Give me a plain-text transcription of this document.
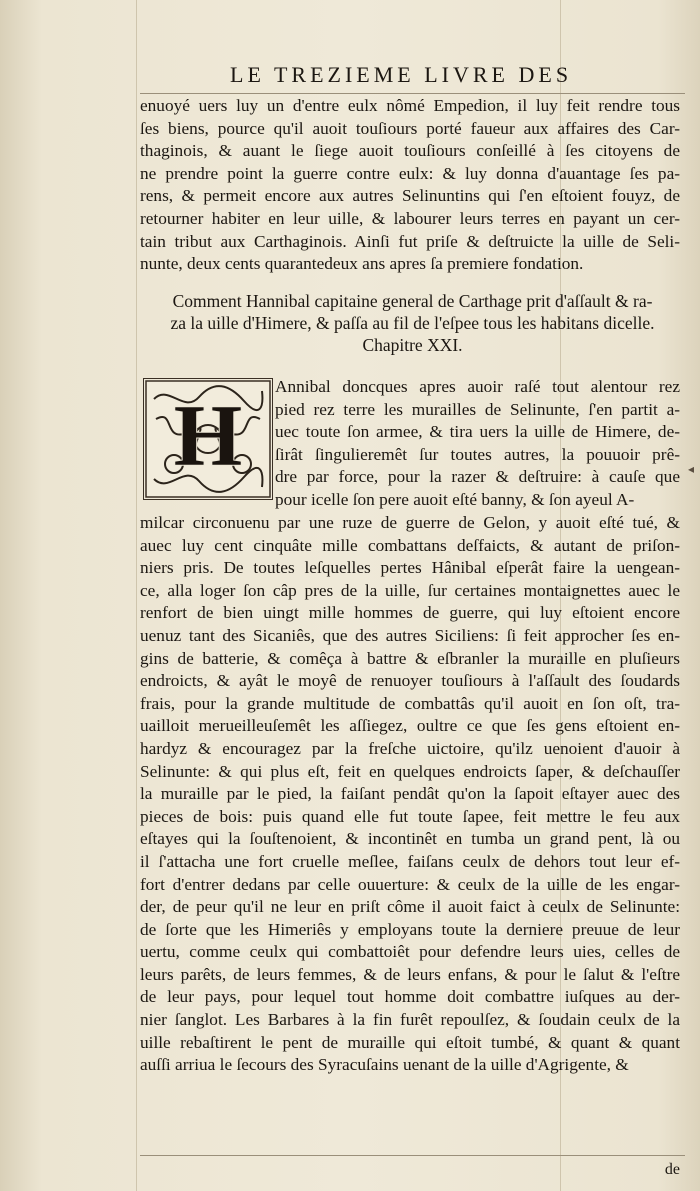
LE TREZIEME LIVRE DES
enuoyé uers luy un d'entre eulx nômé Empedion, il luy feit rendre tous
ſes biens, pource qu'il auoit touſiours porté faueur aux affaires des Car-
thaginois, & auant le ſiege auoit touſiours conſeillé à ſes citoyens de
ne prendre point la guerre contre eulx: & luy donna d'auantage ſes pa-
rens, & permeit encore aux autres Selinuntins qui ſ'en eſtoient fouyz, de
retourner habiter en leur uille, & labourer leurs terres en payant un cer-
tain tribut aux Carthaginois. Ainſi fut priſe & deſtruicte la uille de Seli-
nunte, deux cents quarantedeux ans apres ſa premiere fondation.
Comment Hannibal capitaine general de Carthage prit d'aſſault & ra-
za la uille d'Himere, & paſſa au fil de l'eſpee tous les habitans dicelle.
Chapitre XXI.
H
Annibal doncques apres auoir raſé tout alentour rez
pied rez terre les murailles de Selinunte, ſ'en partit a-
uec toute ſon armee, & tira uers la uille de Himere, de-
ſirât ſingulieremêt ſur toutes autres, la pouuoir prê-
dre par force, pour la razer & deſtruire: à cauſe que
pour icelle ſon pere auoit eſté banny, & ſon ayeul A-
milcar circonuenu par une ruze de guerre de Gelon, y auoit eſté tué, &
auec luy cent cinquâte mille combattans deſfaicts, & autant de priſon-
niers pris. De toutes leſquelles pertes Hânibal eſperât faire la uengean-
ce, alla loger ſon câp pres de la uille, ſur certaines montaignettes auec le
renfort de bien uingt mille hommes de guerre, qui luy eſtoient encore
uenuz tant des Sicaniês, que des autres Siciliens: ſi feit approcher ſes en-
gins de batterie, & comêça à battre & eſbranler la muraille en pluſieurs
endroicts, & ayât le moyê de renuoyer touſiours à l'aſſault des ſoudards
frais, pour la grande multitude de combattâs qu'il auoit en ſon oſt, tra-
uailloit merueilleuſemêt les aſſiegez, oultre ce que ſes gens eſtoient en-
hardyz & encouragez par la freſche uictoire, qu'ilz uenoient d'auoir à
Selinunte: & qui plus eſt, feit en quelques endroicts ſaper, & deſchauſſer
la muraille par le pied, la faiſant pendât qu'on la ſapoit eſtayer auec des
pieces de bois: puis quand elle fut toute ſapee, feit mettre le feu aux
eſtayes qui la ſouſtenoient, & incontinêt en tumba un grand pent, là ou
il ſ'attacha une fort cruelle meſlee, faiſans ceulx de dehors tout leur ef-
fort d'entrer dedans par celle ouuerture: & ceulx de la uille de les engar-
der, de peur qu'il ne leur en priſt côme il auoit faict à ceulx de Selinunte:
de ſorte que les Himeriês y employans toute la derniere preuue de leur
uertu, comme ceulx qui combattoiêt pour defendre leurs uies, celles de
leurs parêts, de leurs femmes, & de leurs enfans, & pour le ſalut & l'eſtre
de leur pays, pour lequel tout homme doit combattre iuſques au der-
nier ſanglot. Les Barbares à la fin furêt repoulſez, & ſoudain ceulx de la
uille rebaſtirent le pent de muraille qui eſtoit tumbé, & quant & quant
auſſi arriua le ſecours des Syracuſains uenant de la uille d'Agrigente, &
de
◂
